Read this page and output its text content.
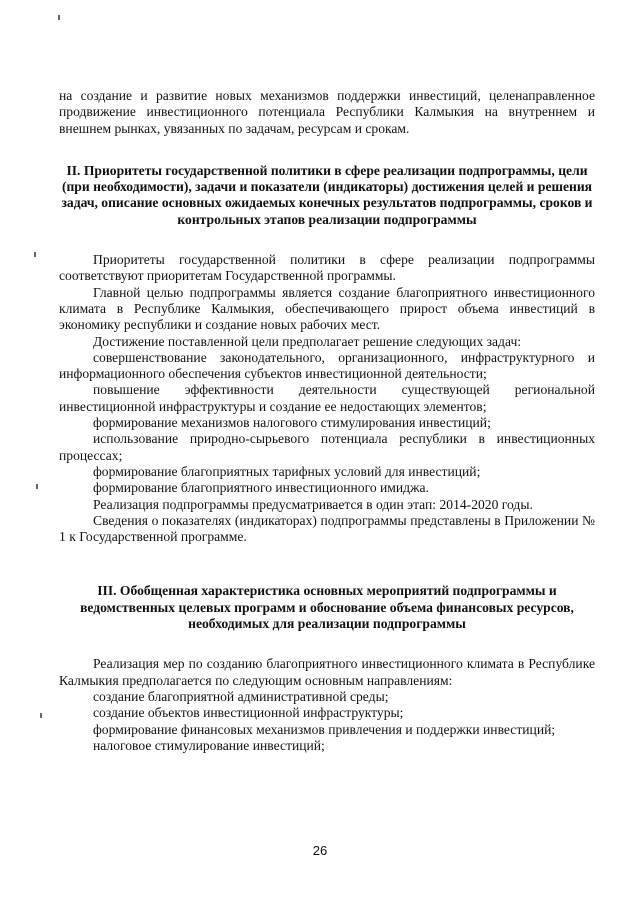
на создание и развитие новых механизмов поддержки инвестиций, целенаправленное продвижение инвестиционного потенциала Республики Калмыкия на внутреннем и внешнем рынках, увязанных по задачам, ресурсам и срокам.

II. Приоритеты государственной политики в сфере реализации подпрограммы, цели (при необходимости), задачи и показатели (индикаторы) достижения целей и решения задач, описание основных ожидаемых конечных результатов подпрограммы, сроков и контрольных этапов реализации подпрограммы

Приоритеты государственной политики в сфере реализации подпрограммы соответствуют приоритетам Государственной программы.

Главной целью подпрограммы является создание благоприятного инвестиционного климата в Республике Калмыкия, обеспечивающего прирост объема инвестиций в экономику республики и создание новых рабочих мест.

Достижение поставленной цели предполагает решение следующих задач:

совершенствование законодательного, организационного, инфраструктурного и информационного обеспечения субъектов инвестиционной деятельности;

повышение эффективности деятельности существующей региональной инвестиционной инфраструктуры и создание ее недостающих элементов;

формирование механизмов налогового стимулирования инвестиций;

использование природно-сырьевого потенциала республики в инвестиционных процессах;

формирование благоприятных тарифных условий для инвестиций;

формирование благоприятного инвестиционного имиджа.

Реализация подпрограммы предусматривается в один этап: 2014-2020 годы.

Сведения о показателях (индикаторах) подпрограммы представлены в Приложении № 1 к Государственной программе.

III. Обобщенная характеристика основных мероприятий подпрограммы и ведомственных целевых программ и обоснование объема финансовых ресурсов, необходимых для реализации подпрограммы

Реализация мер по созданию благоприятного инвестиционного климата в Республике Калмыкия предполагается по следующим основным направлениям:

создание благоприятной административной среды;

создание объектов инвестиционной инфраструктуры;

формирование финансовых механизмов привлечения и поддержки инвестиций;

налоговое стимулирование инвестиций;

26
